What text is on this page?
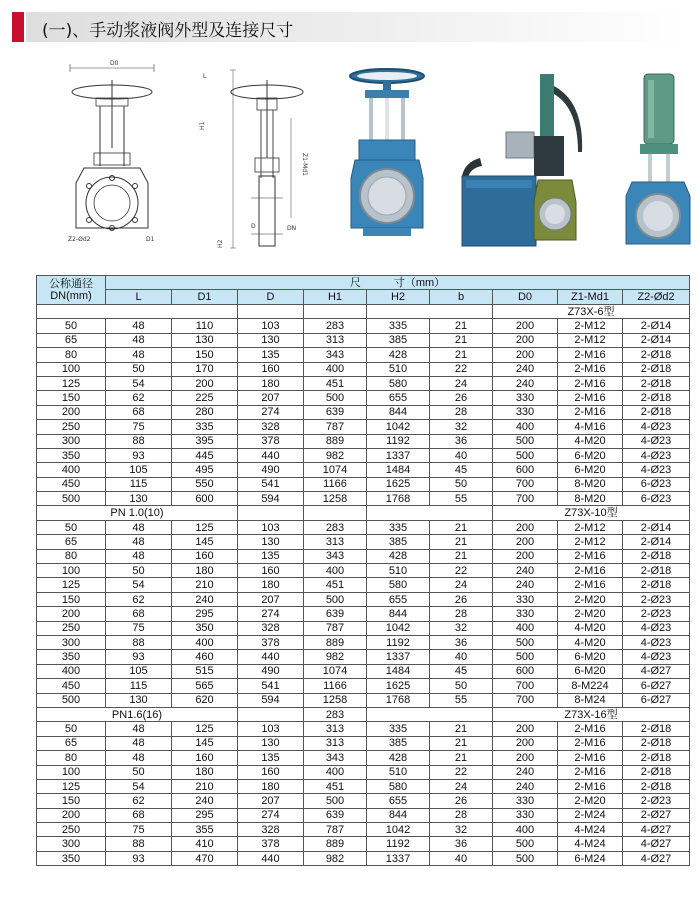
(一)、手动浆液阀外型及连接尺寸
D0
Z2-Ød2	D1
L
H1
H2
Z1-Md1
D	DN
公称通径
DN(mm)	尺　　　寸（mm）								
	L	D1	D	H1	H2	b	D0	Z1-Md1	Z2-Ød2
							Z73X-6型		
50	48	110	103	283	335	21	200	2-M12	2-Ø14
65	48	130	130	313	385	21	200	2-M12	2-Ø14
80	48	150	135	343	428	21	200	2-M16	2-Ø18
100	50	170	160	400	510	22	240	2-M16	2-Ø18
125	54	200	180	451	580	24	240	2-M16	2-Ø18
150	62	225	207	500	655	26	330	2-M16	2-Ø18
200	68	280	274	639	844	28	330	2-M16	2-Ø18
250	75	335	328	787	1042	32	400	4-M16	4-Ø23
300	88	395	378	889	1192	36	500	4-M20	4-Ø23
350	93	445	440	982	1337	40	500	6-M20	4-Ø23
400	105	495	490	1074	1484	45	600	6-M20	4-Ø23
450	115	550	541	1166	1625	50	700	8-M20	6-Ø23
500	130	600	594	1258	1768	55	700	8-M20	6-Ø23
PN 1.0(10)							Z73X-10型		
50	48	125	103	283	335	21	200	2-M12	2-Ø14
65	48	145	130	313	385	21	200	2-M12	2-Ø14
80	48	160	135	343	428	21	200	2-M16	2-Ø18
100	50	180	160	400	510	22	240	2-M16	2-Ø18
125	54	210	180	451	580	24	240	2-M16	2-Ø18
150	62	240	207	500	655	26	330	2-M20	2-Ø23
200	68	295	274	639	844	28	330	2-M20	2-Ø23
250	75	350	328	787	1042	32	400	4-M20	4-Ø23
300	88	400	378	889	1192	36	500	4-M20	4-Ø23
350	93	460	440	982	1337	40	500	6-M20	4-Ø23
400	105	515	490	1074	1484	45	600	6-M20	4-Ø27
450	115	565	541	1166	1625	50	700	8-M224	6-Ø27
500	130	620	594	1258	1768	55	700	8-M24	6-Ø27
PN1.6(16)				283			Z73X-16型		
50	48	125	103	313	335	21	200	2-M16	2-Ø18
65	48	145	130	313	385	21	200	2-M16	2-Ø18
80	48	160	135	343	428	21	200	2-M16	2-Ø18
100	50	180	160	400	510	22	240	2-M16	2-Ø18
125	54	210	180	451	580	24	240	2-M16	2-Ø18
150	62	240	207	500	655	26	330	2-M20	2-Ø23
200	68	295	274	639	844	28	330	2-M24	2-Ø27
250	75	355	328	787	1042	32	400	4-M24	4-Ø27
300	88	410	378	889	1192	36	500	4-M24	4-Ø27
350	93	470	440	982	1337	40	500	6-M24	4-Ø27
